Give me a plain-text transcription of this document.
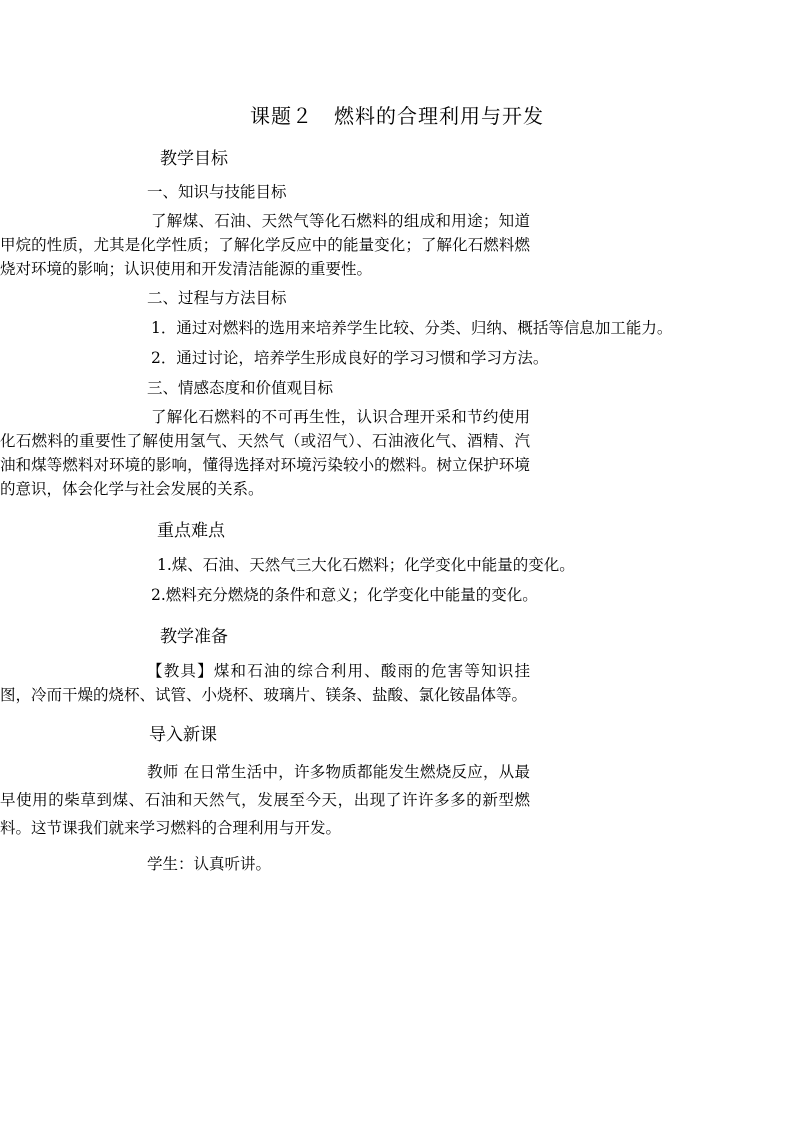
课题２　燃料的合理利用与开发

教学目标

一、知识与技能目标

了解煤、石油、天然气等化石燃料的组成和用途；知道甲烷的性质，尤其是化学性质；了解化学反应中的能量变化；了解化石燃料燃烧对环境的影响；认识使用和开发清洁能源的重要性。

二、过程与方法目标

1．通过对燃料的选用来培养学生比较、分类、归纳、概括等信息加工能力。

2．通过讨论，培养学生形成良好的学习习惯和学习方法。

三、情感态度和价值观目标

了解化石燃料的不可再生性，认识合理开采和节约使用化石燃料的重要性了解使用氢气、天然气（或沼气）、石油液化气、酒精、汽油和煤等燃料对环境的影响，懂得选择对环境污染较小的燃料。树立保护环境的意识，体会化学与社会发展的关系。

重点难点

1.煤、石油、天然气三大化石燃料；化学变化中能量的变化。

2.燃料充分燃烧的条件和意义；化学变化中能量的变化。

教学准备

【教具】煤和石油的综合利用、酸雨的危害等知识挂图，冷而干燥的烧杯、试管、小烧杯、玻璃片、镁条、盐酸、氯化铵晶体等。

导入新课

教师 在日常生活中，许多物质都能发生燃烧反应，从最早使用的柴草到煤、石油和天然气，发展至今天，出现了许许多多的新型燃料。这节课我们就来学习燃料的合理利用与开发。

学生：认真听讲。
